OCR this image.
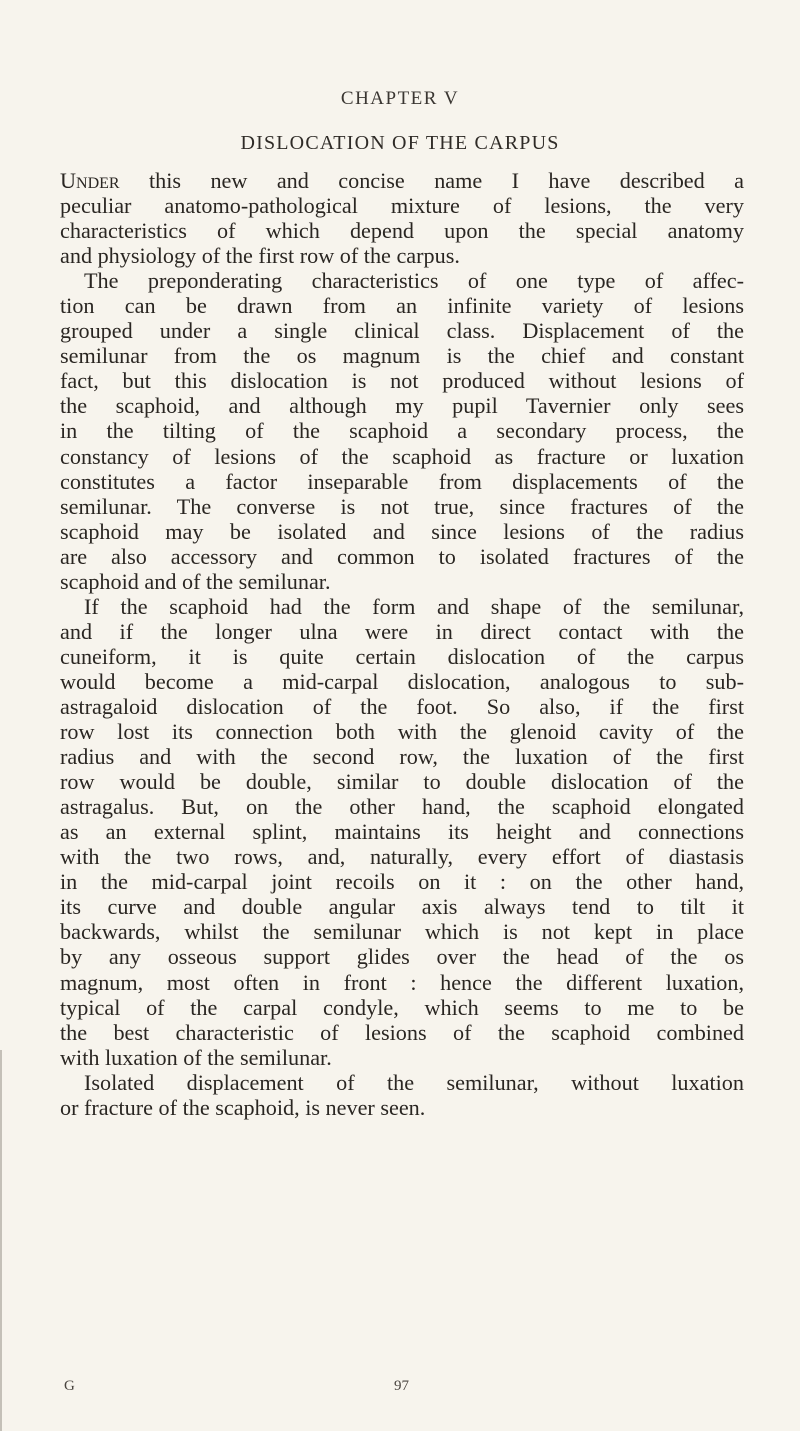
CHAPTER V
DISLOCATION OF THE CARPUS
Under this new and concise name I have described a
peculiar anatomo-pathological mixture of lesions, the very
characteristics of which depend upon the special anatomy
and physiology of the first row of the carpus.
The preponderating characteristics of one type of affec-
tion can be drawn from an infinite variety of lesions
grouped under a single clinical class. Displacement of the
semilunar from the os magnum is the chief and constant
fact, but this dislocation is not produced without lesions of
the scaphoid, and although my pupil Tavernier only sees
in the tilting of the scaphoid a secondary process, the
constancy of lesions of the scaphoid as fracture or luxation
constitutes a factor inseparable from displacements of the
semilunar. The converse is not true, since fractures of the
scaphoid may be isolated and since lesions of the radius
are also accessory and common to isolated fractures of the
scaphoid and of the semilunar.
If the scaphoid had the form and shape of the semilunar,
and if the longer ulna were in direct contact with the
cuneiform, it is quite certain dislocation of the carpus
would become a mid-carpal dislocation, analogous to sub-
astragaloid dislocation of the foot. So also, if the first
row lost its connection both with the glenoid cavity of the
radius and with the second row, the luxation of the first
row would be double, similar to double dislocation of the
astragalus. But, on the other hand, the scaphoid elongated
as an external splint, maintains its height and connections
with the two rows, and, naturally, every effort of diastasis
in the mid-carpal joint recoils on it : on the other hand,
its curve and double angular axis always tend to tilt it
backwards, whilst the semilunar which is not kept in place
by any osseous support glides over the head of the os
magnum, most often in front : hence the different luxation,
typical of the carpal condyle, which seems to me to be
the best characteristic of lesions of the scaphoid combined
with luxation of the semilunar.
Isolated displacement of the semilunar, without luxation
or fracture of the scaphoid, is never seen.
G	97
